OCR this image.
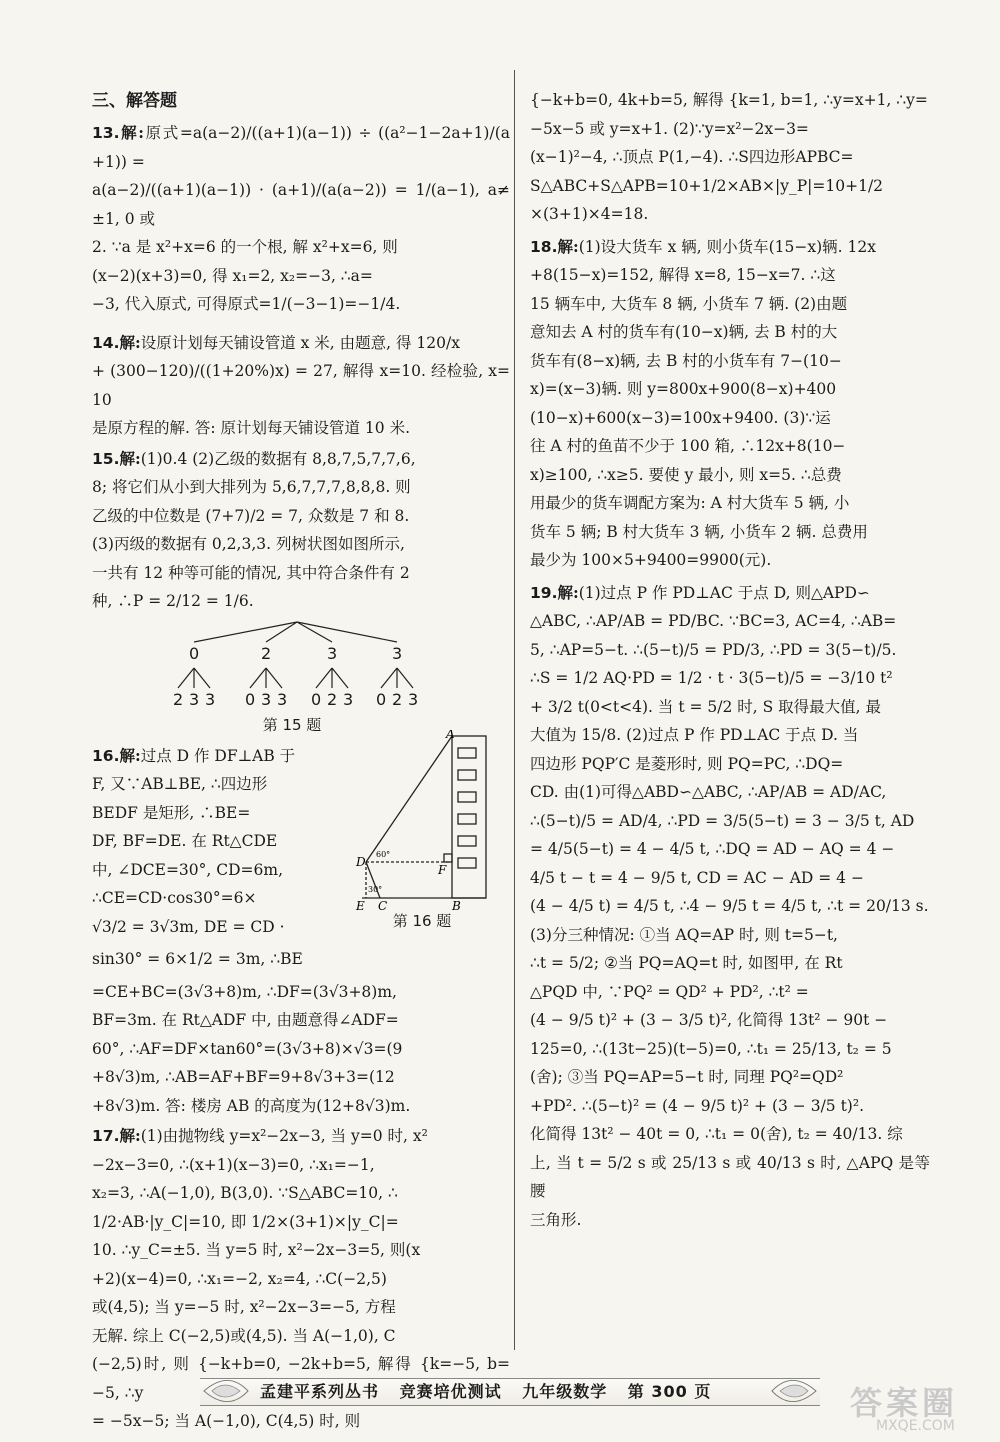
三、解答题

13.解:原式=a(a−2)/((a+1)(a−1)) ÷ ((a²−1−2a+1)/(a+1)) =

a(a−2)/((a+1)(a−1)) · (a+1)/(a(a−2)) = 1/(a−1), a≠±1, 0 或

2. ∵a 是 x²+x=6 的一个根, 解 x²+x=6, 则

(x−2)(x+3)=0, 得 x₁=2, x₂=−3, ∴a=

−3, 代入原式, 可得原式=1/(−3−1)=−1/4.

14.解:设原计划每天铺设管道 x 米, 由题意, 得 120/x

+ (300−120)/((1+20%)x) = 27, 解得 x=10. 经检验, x=10

是原方程的解. 答: 原计划每天铺设管道 10 米.

15.解:(1)0.4 (2)乙级的数据有 8,8,7,5,7,7,6,

8; 将它们从小到大排列为 5,6,7,7,7,8,8,8. 则

乙级的中位数是 (7+7)/2 = 7, 众数是 7 和 8.

(3)丙级的数据有 0,2,3,3. 列树状图如图所示,

一共有 12 种等可能的情况, 其中符合条件有 2

种, ∴P = 2/12 = 1/6.

0	2	3	3
2 3 3 0 3 3 0 2 3 0 2 3
第 15 题

16.解:过点 D 作 DF⊥AB 于

F, 又∵AB⊥BE, ∴四边形

BEDF 是矩形, ∴BE=

DF, BF=DE. 在 Rt△CDE

中, ∠DCE=30°, CD=6m,

∴CE=CD·cos30°=6×

√3/2 = 3√3m, DE = CD ·

sin30° = 6×1/2 = 3m, ∴BE

A
D
E C
F
B
60°
30°
第 16 题

=CE+BC=(3√3+8)m, ∴DF=(3√3+8)m,

BF=3m. 在 Rt△ADF 中, 由题意得∠ADF=

60°, ∴AF=DF×tan60°=(3√3+8)×√3=(9

+8√3)m, ∴AB=AF+BF=9+8√3+3=(12

+8√3)m. 答: 楼房 AB 的高度为(12+8√3)m.

17.解:(1)由抛物线 y=x²−2x−3, 当 y=0 时, x²

−2x−3=0, ∴(x+1)(x−3)=0, ∴x₁=−1,

x₂=3, ∴A(−1,0), B(3,0). ∵S△ABC=10, ∴

1/2·AB·|y_C|=10, 即 1/2×(3+1)×|y_C|=

10. ∴y_C=±5. 当 y=5 时, x²−2x−3=5, 则(x

+2)(x−4)=0, ∴x₁=−2, x₂=4, ∴C(−2,5)

或(4,5); 当 y=−5 时, x²−2x−3=−5, 方程

无解. 综上 C(−2,5)或(4,5). 当 A(−1,0), C

(−2,5)时, 则 {−k+b=0, −2k+b=5, 解得 {k=−5, b=−5, ∴y

= −5x−5; 当 A(−1,0), C(4,5) 时, 则

{−k+b=0, 4k+b=5, 解得 {k=1, b=1, ∴y=x+1, ∴y=

−5x−5 或 y=x+1. (2)∵y=x²−2x−3=

(x−1)²−4, ∴顶点 P(1,−4). ∴S四边形APBC=

S△ABC+S△APB=10+1/2×AB×|y_P|=10+1/2

×(3+1)×4=18.

18.解:(1)设大货车 x 辆, 则小货车(15−x)辆. 12x

+8(15−x)=152, 解得 x=8, 15−x=7. ∴这

15 辆车中, 大货车 8 辆, 小货车 7 辆. (2)由题

意知去 A 村的货车有(10−x)辆, 去 B 村的大

货车有(8−x)辆, 去 B 村的小货车有 7−(10−

x)=(x−3)辆. 则 y=800x+900(8−x)+400

(10−x)+600(x−3)=100x+9400. (3)∵运

往 A 村的鱼苗不少于 100 箱, ∴12x+8(10−

x)≥100, ∴x≥5. 要使 y 最小, 则 x=5. ∴总费

用最少的货车调配方案为: A 村大货车 5 辆, 小

货车 5 辆; B 村大货车 3 辆, 小货车 2 辆. 总费用

最少为 100×5+9400=9900(元).

19.解:(1)过点 P 作 PD⊥AC 于点 D, 则△APD∽

△ABC, ∴AP/AB = PD/BC. ∵BC=3, AC=4, ∴AB=

5, ∴AP=5−t. ∴(5−t)/5 = PD/3, ∴PD = 3(5−t)/5.

∴S = 1/2 AQ·PD = 1/2 · t · 3(5−t)/5 = −3/10 t²

+ 3/2 t(0<t<4). 当 t = 5/2 时, S 取得最大值, 最

大值为 15/8. (2)过点 P 作 PD⊥AC 于点 D. 当

四边形 PQP′C 是菱形时, 则 PQ=PC, ∴DQ=

CD. 由(1)可得△ABD∽△ABC, ∴AP/AB = AD/AC,

∴(5−t)/5 = AD/4, ∴PD = 3/5(5−t) = 3 − 3/5 t, AD

= 4/5(5−t) = 4 − 4/5 t, ∴DQ = AD − AQ = 4 −

4/5 t − t = 4 − 9/5 t, CD = AC − AD = 4 −

(4 − 4/5 t) = 4/5 t, ∴4 − 9/5 t = 4/5 t, ∴t = 20/13 s.

(3)分三种情况: ①当 AQ=AP 时, 则 t=5−t,

∴t = 5/2; ②当 PQ=AQ=t 时, 如图甲, 在 Rt

△PQD 中, ∵PQ² = QD² + PD², ∴t² =

(4 − 9/5 t)² + (3 − 3/5 t)², 化简得 13t² − 90t −

125=0, ∴(13t−25)(t−5)=0, ∴t₁ = 25/13, t₂ = 5

(舍); ③当 PQ=AP=5−t 时, 同理 PQ²=QD²

+PD². ∴(5−t)² = (4 − 9/5 t)² + (3 − 3/5 t)².

化简得 13t² − 40t = 0, ∴t₁ = 0(舍), t₂ = 40/13. 综

上, 当 t = 5/2 s 或 25/13 s 或 40/13 s 时, △APQ 是等腰

三角形.

孟建平系列丛书 竞赛培优测试 九年级数学 第 300 页	答案圈
MXQE.COM
